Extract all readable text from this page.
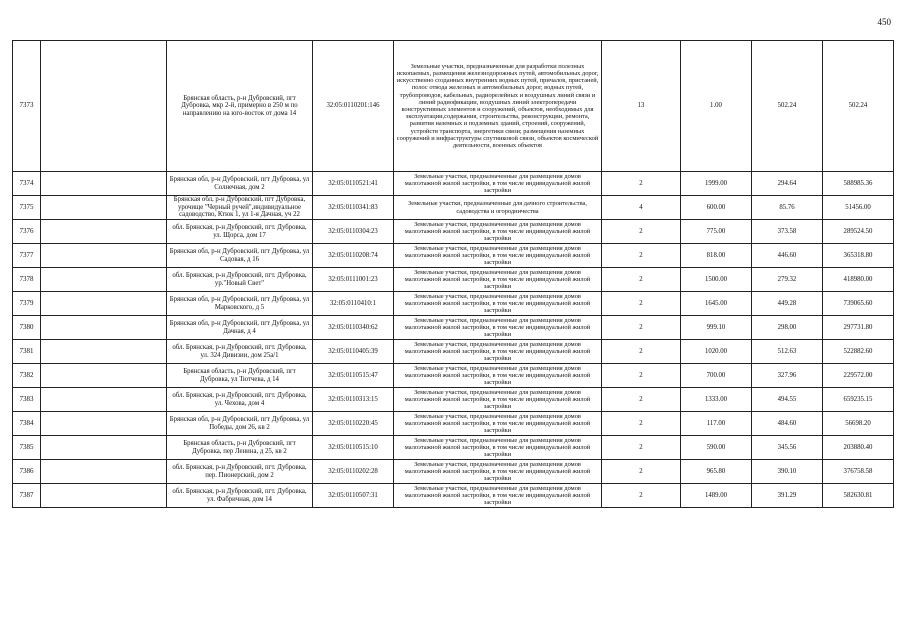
450
7373		Брянская область, р-н Дубровский, пгт Дубровка, мкр 2-й, примерно в 250 м по направлению на юго-восток от дома 14	32:05:0110201:146	Земельные участки, предназначенные для разработки полезных ископаемых, размещения железнодорожных путей, автомобильных дорог, искусственно созданных внутренних водных путей, причалов, пристаней, полос отвода железных и автомобильных дорог, водных путей, трубопроводов, кабельных, радиорелейных и воздушных линий связи и линий радиофикации, воздушных линий электропередачи конструктивных элементов и сооружений, объектов, необходимых для эксплуатации,содержания, строительства, реконструкции, ремонта, развития наземных и подземных зданий, строений, сооружений, устройств транспорта, энергетики связи; размещения наземных сооружений и инфраструктуры спутниковой связи, объектов космической деятельности, военных объектов	13	1.00	502.24	502.24
7374		Брянская обл, р-н Дубровский, пгт Дубровка, ул Солнечная, дом 2	32:05:0110521:41	Земельные участки, предназначенные для размещения домов малоэтажной жилой застройки, в том числе индивидуальной жилой застройки	2	1999.00	294.64	588985.36
7375		Брянская обл, р-н Дубровский, пгт Дубровка, урочище "Черный ручей",индивидуальное садоводство, Ктюк 1, ул 1-я Дачная, уч 22	32:05:0110341:83	Земельные участки, предназначенные для дачного строительства, садоводства и огородничества	4	600.00	85.76	51456.00
7376		обл. Брянская, р-н Дубровский, пгт. Дубровка, ул. Щорса, дом 17	32:05:0110304:23	Земельные участки, предназначенные для размещения домов малоэтажной жилой застройки, в том числе индивидуальной жилой застройки	2	775.00	373.58	289524.50
7377		Брянская обл, р-н Дубровский, пгт Дубровка, ул Садовая, д 16	32:05:0110208:74	Земельные участки, предназначенные для размещения домов малоэтажной жилой застройки, в том числе индивидуальной жилой застройки	2	818.00	446.60	365318.80
7378		обл. Брянская, р-н Дубровский, пгт. Дубровка, ур."Новый Свет"	32:05:0111001:23	Земельные участки, предназначенные для размещения домов малоэтажной жилой застройки, в том числе индивидуальной жилой застройки	2	1500.00	279.32	418980.00
7379		Брянская обл, р-н Дубровский, пгт Дубровка, ул Марковского, д 5	32:05:0110410:1	Земельные участки, предназначенные для размещения домов малоэтажной жилой застройки, в том числе индивидуальной жилой застройки	2	1645.00	449.28	739065.60
7380		Брянская обл, р-н Дубровский, пгт Дубровка, ул Дачная, д 4	32:05:0110340:62	Земельные участки, предназначенные для размещения домов малоэтажной жилой застройки, в том числе индивидуальной жилой застройки	2	999.10	298.00	297731.80
7381		обл. Брянская, р-н Дубровский, пгт. Дубровка, ул. 324 Дивизии, дом 25а/1	32:05:0110405:39	Земельные участки, предназначенные для размещения домов малоэтажной жилой застройки, в том числе индивидуальной жилой застройки	2	1020.00	512.63	522882.60
7382		Брянская область, р-н Дубровский, пгт Дубровка, ул Тютчева, д 14	32:05:0110515:47	Земельные участки, предназначенные для размещения домов малоэтажной жилой застройки, в том числе индивидуальной жилой застройки	2	700.00	327.96	229572.00
7383		обл. Брянская, р-н Дубровский, пгт. Дубровка, ул. Чехова, дом 4	32:05:0110313:15	Земельные участки, предназначенные для размещения домов малоэтажной жилой застройки, в том числе индивидуальной жилой застройки	2	1333.00	494.55	659235.15
7384		Брянская обл, р-н Дубровский, пгт Дубровка, ул Победы, дом 26, кв 2	32:05:0110220:45	Земельные участки, предназначенные для размещения домов малоэтажной жилой застройки, в том числе индивидуальной жилой застройки	2	117.00	484.60	56698.20
7385		Брянская область, р-н Дубровский, пгт Дубровка, пер Ленина, д 25, кв 2	32:05:0110515:10	Земельные участки, предназначенные для размещения домов малоэтажной жилой застройки, в том числе индивидуальной жилой застройки	2	590.00	345.56	203880.40
7386		обл. Брянская, р-н Дубровский, пгт. Дубровка, пер. Пионерский, дом 2	32:05:0110202:28	Земельные участки, предназначенные для размещения домов малоэтажной жилой застройки, в том числе индивидуальной жилой застройки	2	965.80	390.10	376758.58
7387		обл. Брянская, р-н Дубровский, пгт. Дубровка, ул. Фабричная, дом 14	32:05:0110507:31	Земельные участки, предназначенные для размещения домов малоэтажной жилой застройки, в том числе индивидуальной жилой застройки	2	1489.00	391.29	582630.81
